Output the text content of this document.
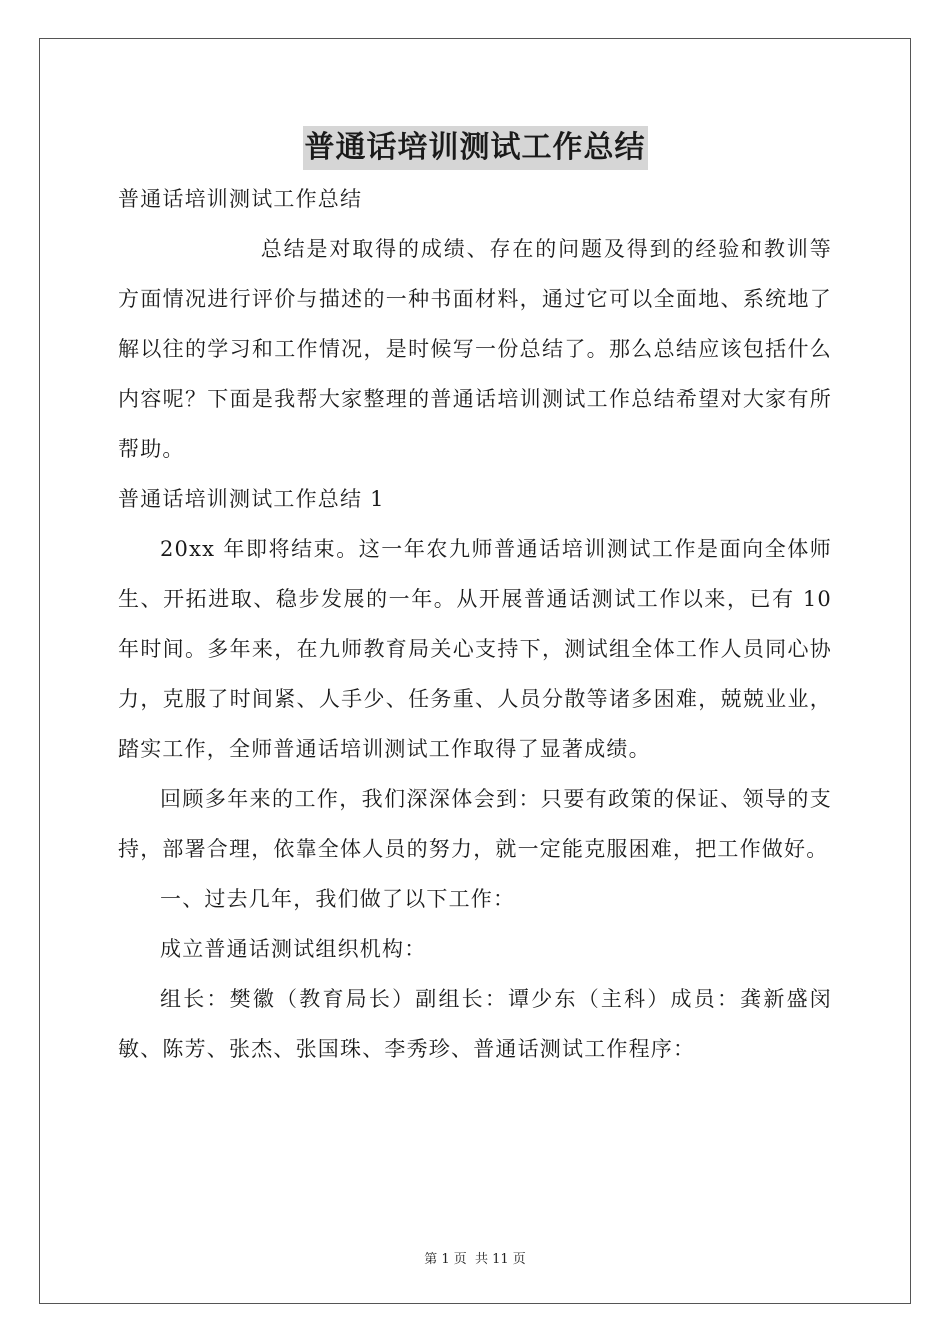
普通话培训测试工作总结
普通话培训测试工作总结
总结是对取得的成绩、存在的问题及得到的经验和教训等方面情况进行评价与描述的一种书面材料，通过它可以全面地、系统地了解以往的学习和工作情况，是时候写一份总结了。那么总结应该包括什么内容呢？下面是我帮大家整理的普通话培训测试工作总结希望对大家有所帮助。
普通话培训测试工作总结 1
20xx 年即将结束。这一年农九师普通话培训测试工作是面向全体师生、开拓进取、稳步发展的一年。从开展普通话测试工作以来，已有 10 年时间。多年来，在九师教育局关心支持下，测试组全体工作人员同心协力，克服了时间紧、人手少、任务重、人员分散等诸多困难，兢兢业业，踏实工作，全师普通话培训测试工作取得了显著成绩。
回顾多年来的工作，我们深深体会到：只要有政策的保证、领导的支持，部署合理，依靠全体人员的努力，就一定能克服困难，把工作做好。
一、过去几年，我们做了以下工作：
成立普通话测试组织机构：
组长：樊徽（教育局长）副组长：谭少东（主科）成员：龚新盛闵敏、陈芳、张杰、张国珠、李秀珍、普通话测试工作程序：
第 1 页 共 11 页
